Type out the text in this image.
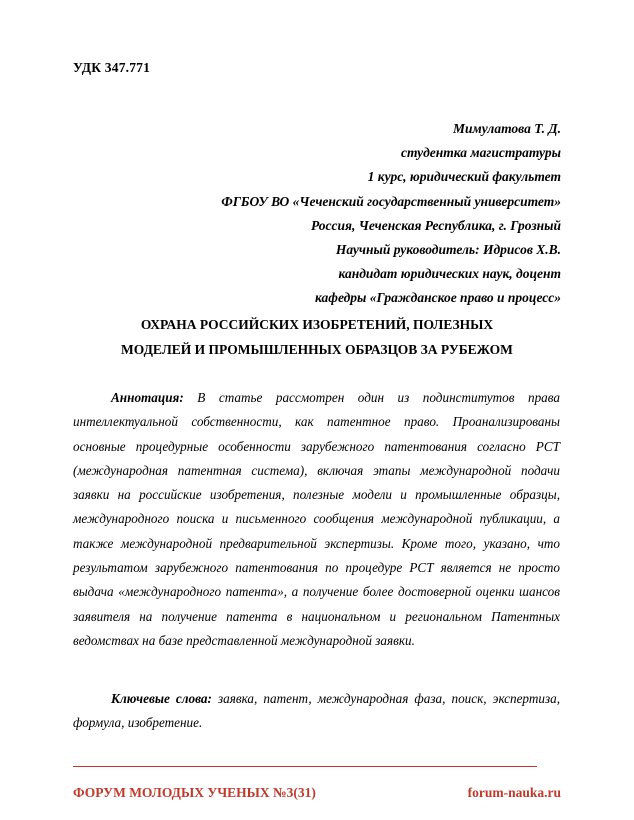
УДК 347.771
Мимулатова Т. Д.
студентка магистратуры
1 курс, юридический факультет
ФГБОУ ВО «Чеченский государственный университет»
Россия, Чеченская Республика, г. Грозный
Научный руководитель: Идрисов Х.В.
кандидат юридических наук, доцент
кафедры «Гражданское право и процесс»
ОХРАНА РОССИЙСКИХ ИЗОБРЕТЕНИЙ, ПОЛЕЗНЫХ
МОДЕЛЕЙ И ПРОМЫШЛЕННЫХ ОБРАЗЦОВ ЗА РУБЕЖОМ

Аннотация: В статье рассмотрен один из подинститутов права интеллектуальной собственности, как патентное право. Проанализированы основные процедурные особенности зарубежного патентования согласно РСТ (международная патентная система), включая этапы международной подачи заявки на российские изобретения, полезные модели и промышленные образцы, международного поиска и письменного сообщения международной публикации, а также международной предварительной экспертизы. Кроме того, указано, что результатом зарубежного патентования по процедуре РСТ является не просто выдача «международного патента», а получение более достоверной оценки шансов заявителя на получение патента в национальном и региональном Патентных ведомствах на базе представленной международной заявки.

Ключевые слова: заявка, патент, международная фаза, поиск, экспертиза, формула, изобретение.

ФОРУМ МОЛОДЫХ УЧЕНЫХ №3(31)	forum-nauka.ru
